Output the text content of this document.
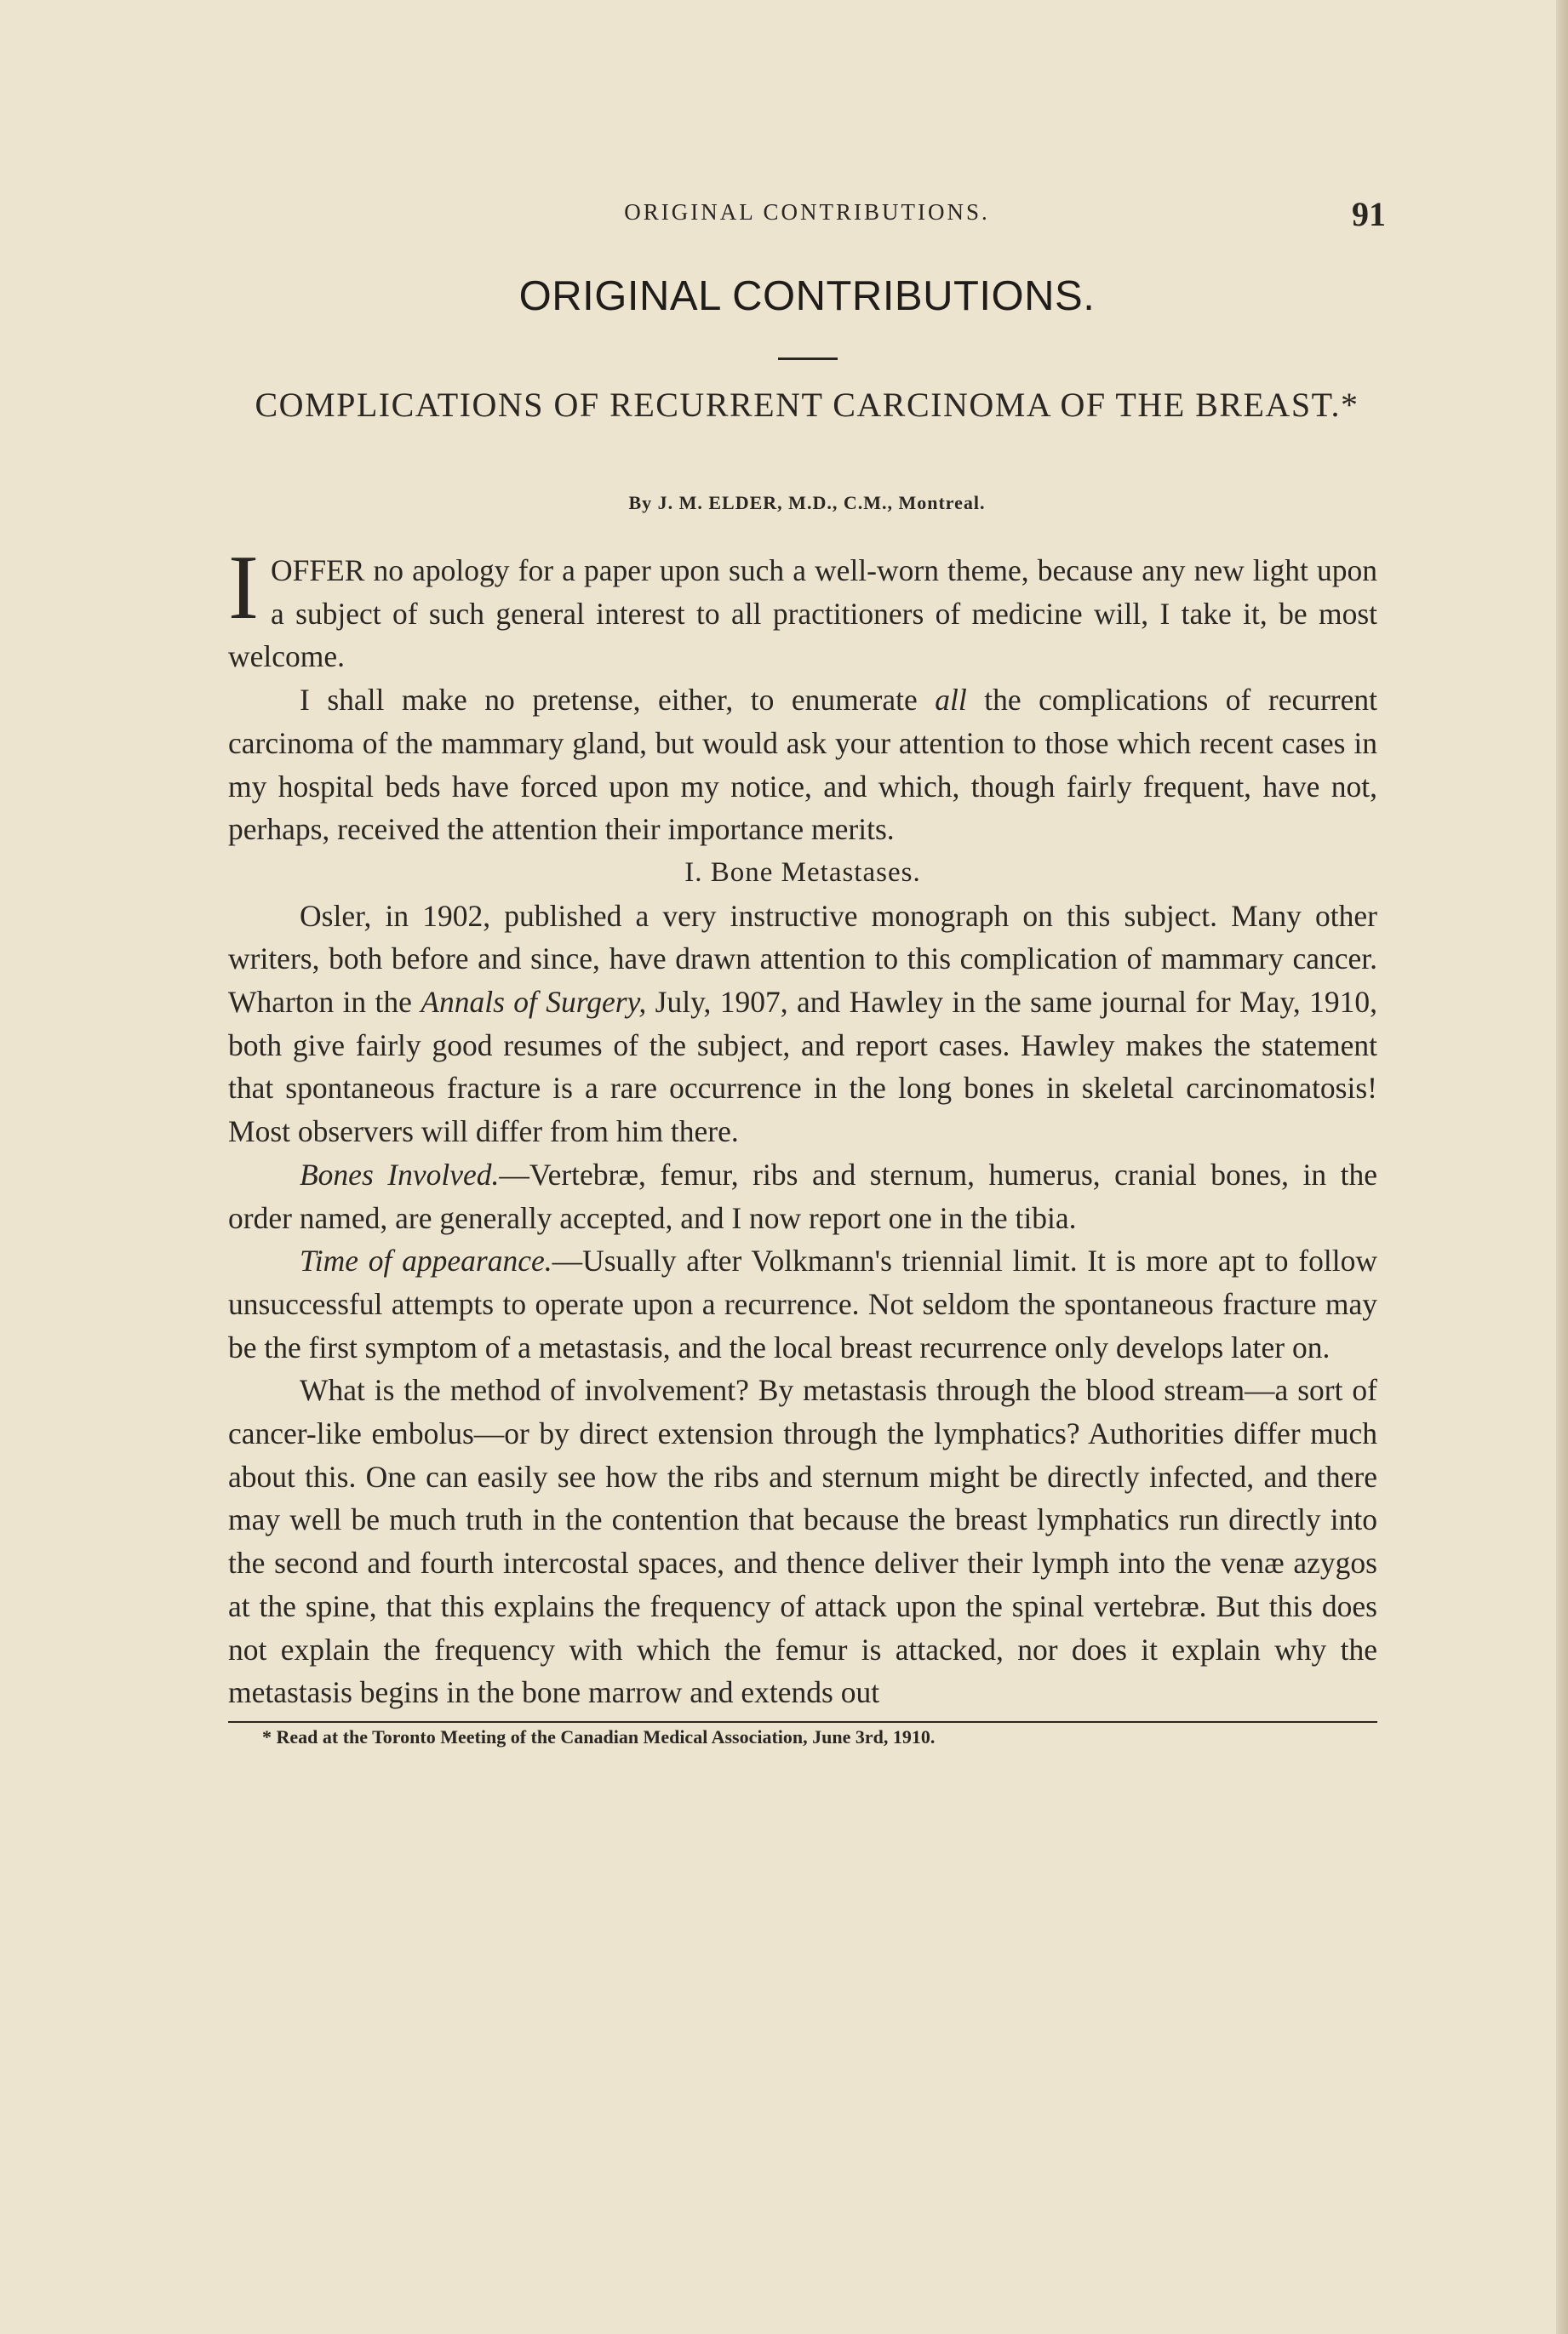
ORIGINAL CONTRIBUTIONS.	91
ORIGINAL CONTRIBUTIONS.
COMPLICATIONS OF RECURRENT CARCINOMA OF THE BREAST.*
By J. M. ELDER, M.D., C.M., Montreal.

IOFFER no apology for a paper upon such a well-worn theme, because any new light upon a subject of such general interest to all practitioners of medicine will, I take it, be most welcome.

I shall make no pretense, either, to enumerate all the complications of recurrent carcinoma of the mammary gland, but would ask your attention to those which recent cases in my hospital beds have forced upon my notice, and which, though fairly frequent, have not, perhaps, received the attention their importance merits.

I. Bone Metastases.

Osler, in 1902, published a very instructive monograph on this subject. Many other writers, both before and since, have drawn attention to this complication of mammary cancer. Wharton in the Annals of Surgery, July, 1907, and Hawley in the same journal for May, 1910, both give fairly good resumes of the subject, and report cases. Hawley makes the statement that spontaneous fracture is a rare occurrence in the long bones in skeletal carcinomatosis! Most observers will differ from him there.

Bones Involved.—Vertebræ, femur, ribs and sternum, humerus, cranial bones, in the order named, are generally accepted, and I now report one in the tibia.

Time of appearance.—Usually after Volkmann's triennial limit. It is more apt to follow unsuccessful attempts to operate upon a recurrence. Not seldom the spontaneous fracture may be the first symptom of a metastasis, and the local breast recurrence only develops later on.

What is the method of involvement? By metastasis through the blood stream—a sort of cancer-like embolus—or by direct extension through the lymphatics? Authorities differ much about this. One can easily see how the ribs and sternum might be directly infected, and there may well be much truth in the contention that because the breast lymphatics run directly into the second and fourth intercostal spaces, and thence deliver their lymph into the venæ azygos at the spine, that this explains the frequency of attack upon the spinal vertebræ. But this does not explain the frequency with which the femur is attacked, nor does it explain why the metastasis begins in the bone marrow and extends out

* Read at the Toronto Meeting of the Canadian Medical Association, June 3rd, 1910.
